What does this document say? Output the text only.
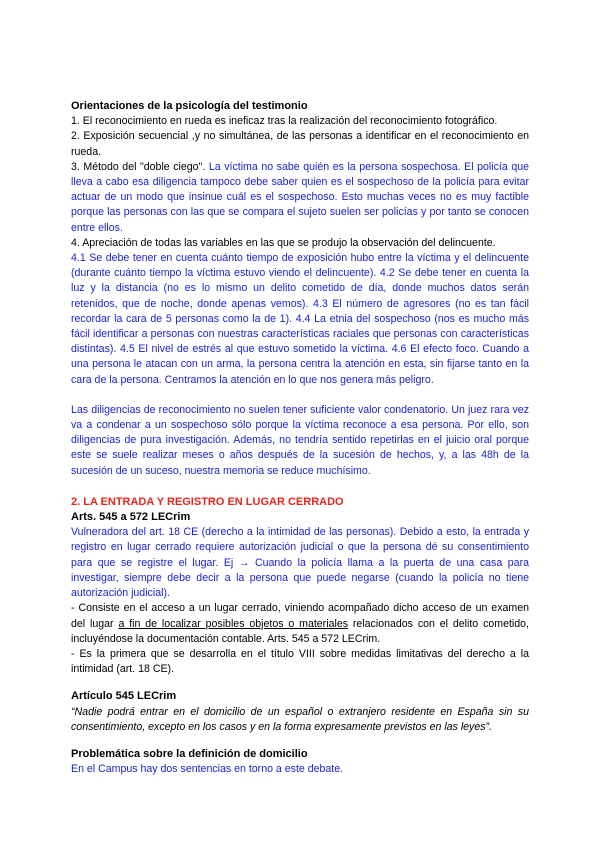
Orientaciones de la psicología del testimonio

1. El reconocimiento en rueda es ineficaz tras la realización del reconocimiento fotográfico.

2. Exposición secuencial ,y no simultánea, de las personas a identificar en el reconocimiento en rueda.

3. Método del "doble ciego". La víctima no sabe quién es la persona sospechosa. El policía que lleva a cabo esa diligencia tampoco debe saber quien es el sospechoso de la policía para evitar actuar de un modo que insinue cuál es el sospechoso. Esto muchas veces no es muy factible porque las personas con las que se compara el sujeto suelen ser policías y por tanto se conocen entre ellos.

4. Apreciación de todas las variables en las que se produjo la observación del delincuente.

4.1 Se debe tener en cuenta cuánto tiempo de exposición hubo entre la víctima y el delincuente (durante cuánto tiempo la víctima estuvo viendo el delincuente). 4.2 Se debe tener en cuenta la luz y la distancia (no es lo mismo un delito cometido de día, donde muchos datos serán retenidos, que de noche, donde apenas vemos). 4.3 El número de agresores (no es tan fácil recordar la cara de 5 personas como la de 1). 4.4 La etnia del sospechoso (nos es mucho más fácil identificar a personas con nuestras características raciales que personas con características distintas). 4.5 El nivel de estrés al que estuvo sometido la víctima. 4.6 El efecto foco. Cuando a una persona le atacan con un arma, la persona centra la atención en esta, sin fijarse tanto en la cara de la persona. Centramos la atención en lo que nos genera más peligro.

Las diligencias de reconocimiento no suelen tener suficiente valor condenatorio. Un juez rara vez va a condenar a un sospechoso sólo porque la víctima reconoce a esa persona. Por ello, son diligencias de pura investigación. Además, no tendría sentido repetirlas en el juicio oral porque este se suele realizar meses o años después de la sucesión de hechos, y, a las 48h de la sucesión de un suceso, nuestra memoria se reduce muchísimo.

2. LA ENTRADA Y REGISTRO EN LUGAR CERRADO

Arts. 545 a 572 LECrim

Vulneradora del art. 18 CE (derecho a la intimidad de las personas). Debido a esto, la entrada y registro en lugar cerrado requiere autorización judicial o que la persona dé su consentimiento para que se registre el lugar. Ej → Cuando la policía llama a la puerta de una casa para investigar, siempre debe decir a la persona que puede negarse (cuando la policía no tiene autorización judicial).

- Consiste en el acceso a un lugar cerrado, viniendo acompañado dicho acceso de un examen del lugar a fin de localizar posibles objetos o materiales relacionados con el delito cometido, incluyéndose la documentación contable. Arts. 545 a 572 LECrim.

- Es la primera que se desarrolla en el título VIII sobre medidas limitativas del derecho a la intimidad (art. 18 CE).

Artículo 545 LECrim

“Nadie podrá entrar en el domicilio de un español o extranjero residente en España sin su consentimiento, excepto en los casos y en la forma expresamente previstos en las leyes”.

Problemática sobre la definición de domicilio

En el Campus hay dos sentencias en torno a este debate.
